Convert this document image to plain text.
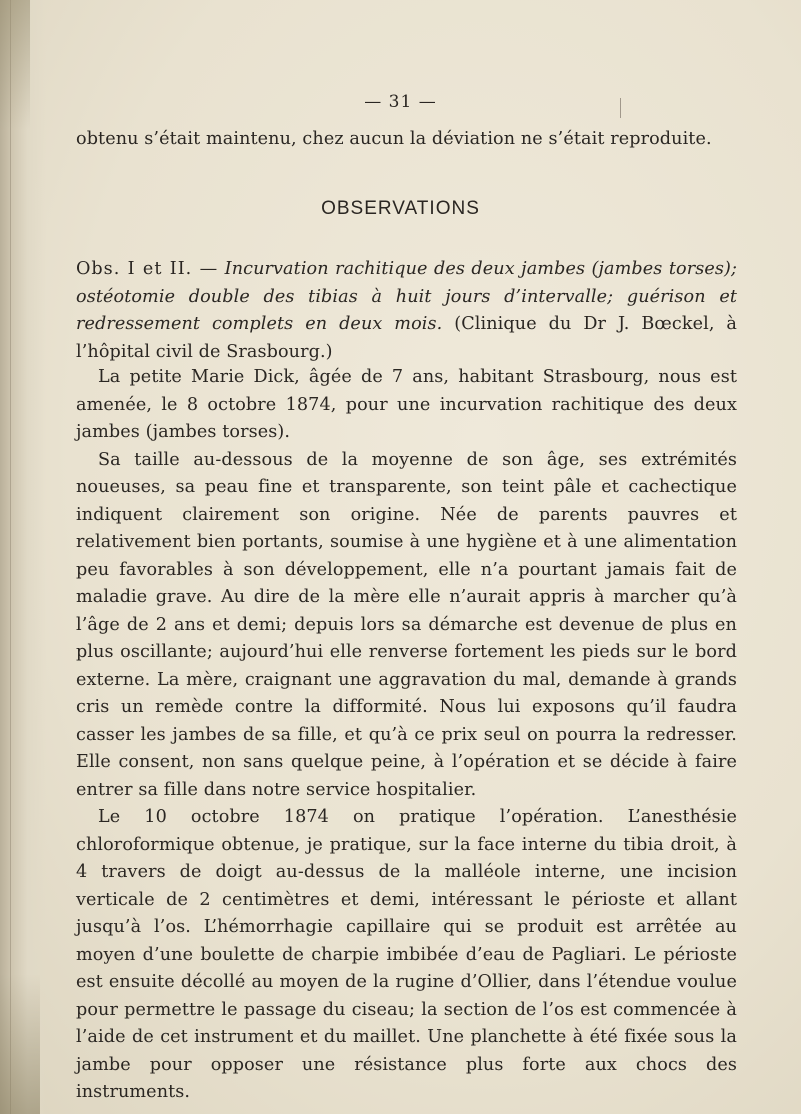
— 31 —

obtenu s’était maintenu, chez aucun la déviation ne s’était reproduite.

OBSERVATIONS

Obs. I et II. — Incurvation rachitique des deux jambes (jambes torses); ostéotomie double des tibias à huit jours d’intervalle; guérison et redressement complets en deux mois. (Clinique du Dr J. Bœckel, à l’hôpital civil de Srasbourg.)

La petite Marie Dick, âgée de 7 ans, habitant Strasbourg, nous est amenée, le 8 octobre 1874, pour une incurvation rachitique des deux jambes (jambes torses).

Sa taille au-dessous de la moyenne de son âge, ses extrémités noueuses, sa peau fine et transparente, son teint pâle et cachectique indiquent clairement son origine. Née de parents pauvres et relativement bien portants, soumise à une hygiène et à une alimentation peu favorables à son développement, elle n’a pourtant jamais fait de maladie grave. Au dire de la mère elle n’aurait appris à marcher qu’à l’âge de 2 ans et demi; depuis lors sa démarche est devenue de plus en plus oscillante; aujourd’hui elle renverse fortement les pieds sur le bord externe. La mère, craignant une aggravation du mal, demande à grands cris un remède contre la difformité. Nous lui exposons qu’il faudra casser les jambes de sa fille, et qu’à ce prix seul on pourra la redresser. Elle consent, non sans quelque peine, à l’opération et se décide à faire entrer sa fille dans notre service hospitalier.

Le 10 octobre 1874 on pratique l’opération. L’anesthésie chloroformique obtenue, je pratique, sur la face interne du tibia droit, à 4 travers de doigt au-dessus de la malléole interne, une incision verticale de 2 centimètres et demi, intéressant le périoste et allant jusqu’à l’os. L’hémorrhagie capillaire qui se produit est arrêtée au moyen d’une boulette de charpie imbibée d’eau de Pagliari. Le périoste est ensuite décollé au moyen de la rugine d’Ollier, dans l’étendue voulue pour permettre le passage du ciseau; la section de l’os est commencée à l’aide de cet instrument et du maillet. Une planchette à été fixée sous la jambe pour opposer une résistance plus forte aux chocs des instruments.
